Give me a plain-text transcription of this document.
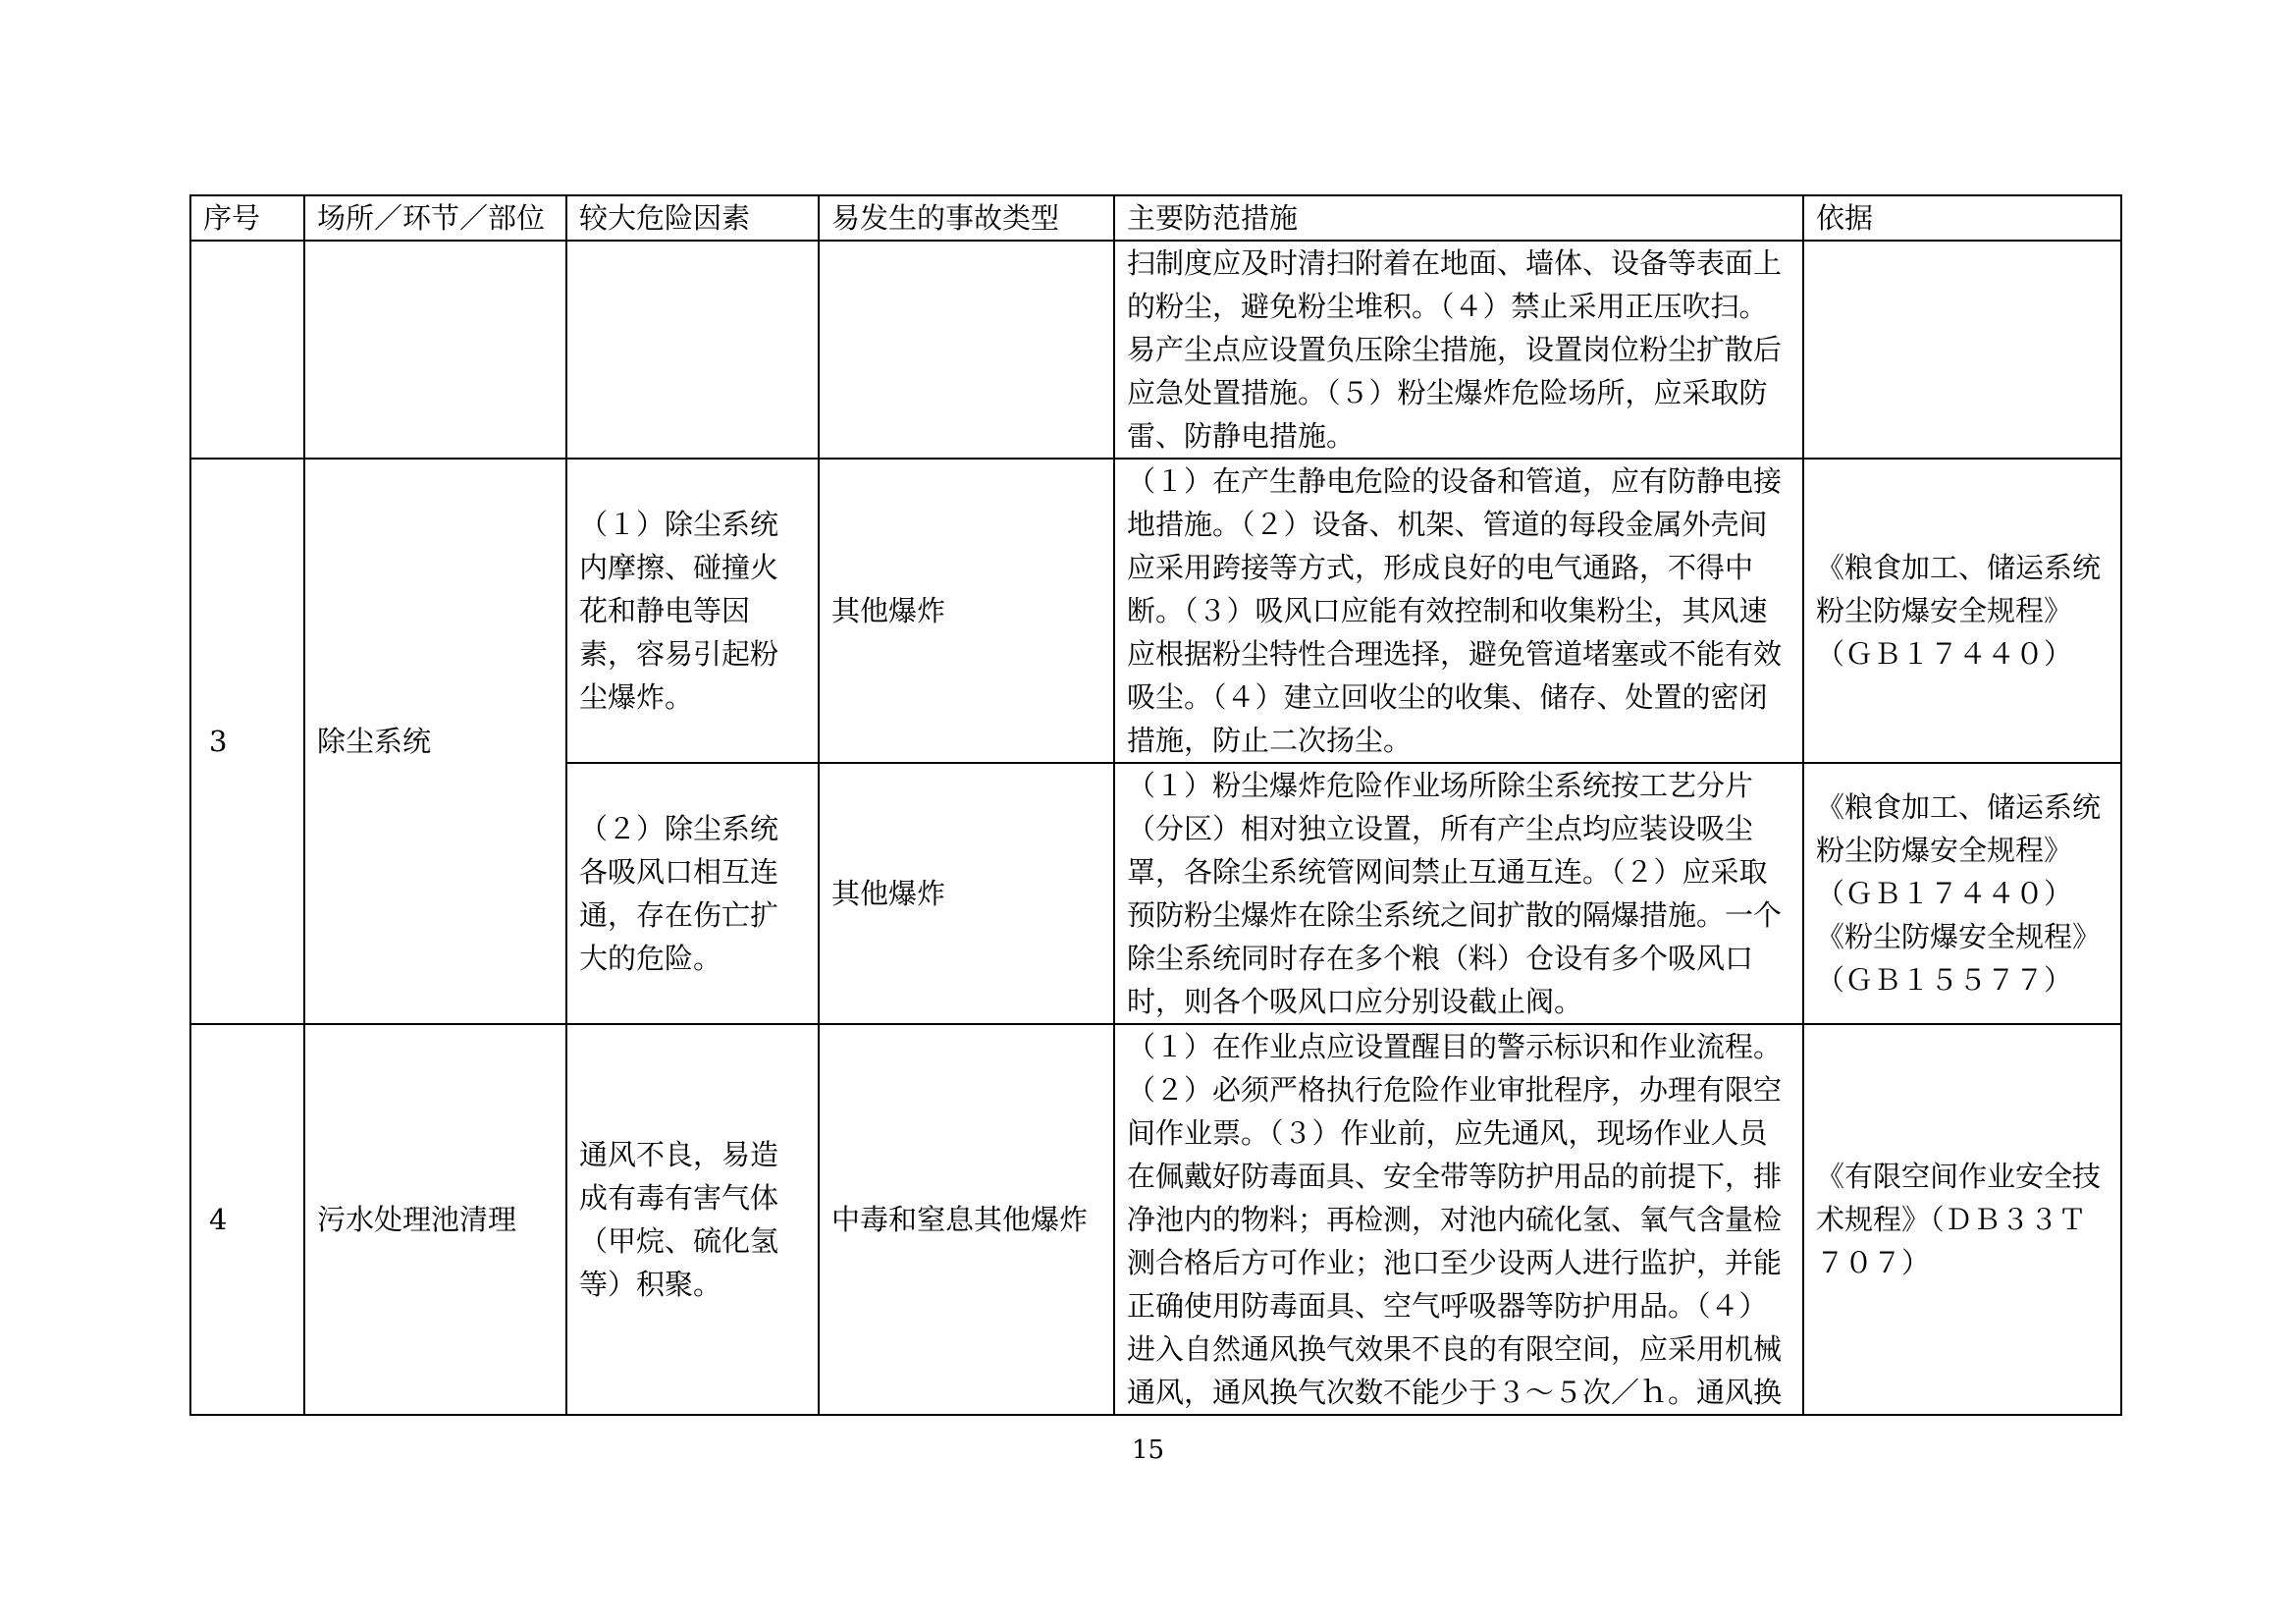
序号	场所／环节／部位	较大危险因素	易发生的事故类型	主要防范措施	依据
				扫制度应及时清扫附着在地面、墙体、设备等表面上的粉尘，避免粉尘堆积。（４）禁止采用正压吹扫。易产尘点应设置负压除尘措施，设置岗位粉尘扩散后应急处置措施。（５）粉尘爆炸危险场所，应采取防雷、防静电措施。	
3	除尘系统	（１）除尘系统内摩擦、碰撞火花和静电等因素，容易引起粉尘爆炸。	其他爆炸	（１）在产生静电危险的设备和管道，应有防静电接地措施。（２）设备、机架、管道的每段金属外壳间应采用跨接等方式，形成良好的电气通路，不得中断。（３）吸风口应能有效控制和收集粉尘，其风速应根据粉尘特性合理选择，避免管道堵塞或不能有效吸尘。（４）建立回收尘的收集、储存、处置的密闭措施，防止二次扬尘。	《粮食加工、储运系统粉尘防爆安全规程》（ＧＢ１７４４０）
		（２）除尘系统各吸风口相互连通，存在伤亡扩大的危险。	其他爆炸	（１）粉尘爆炸危险作业场所除尘系统按工艺分片（分区）相对独立设置，所有产尘点均应装设吸尘罩，各除尘系统管网间禁止互通互连。（２）应采取预防粉尘爆炸在除尘系统之间扩散的隔爆措施。一个除尘系统同时存在多个粮（料）仓设有多个吸风口时，则各个吸风口应分别设截止阀。	《粮食加工、储运系统粉尘防爆安全规程》（ＧＢ１７４４０）《粉尘防爆安全规程》（ＧＢ１５５７７）
4	污水处理池清理	通风不良，易造成有毒有害气体（甲烷、硫化氢等）积聚。	中毒和窒息其他爆炸	（１）在作业点应设置醒目的警示标识和作业流程。（２）必须严格执行危险作业审批程序，办理有限空间作业票。（３）作业前，应先通风，现场作业人员在佩戴好防毒面具、安全带等防护用品的前提下，排净池内的物料；再检测，对池内硫化氢、氧气含量检测合格后方可作业；池口至少设两人进行监护，并能正确使用防毒面具、空气呼吸器等防护用品。（４）进入自然通风换气效果不良的有限空间，应采用机械通风，通风换气次数不能少于３～５次／ｈ。通风换	《有限空间作业安全技术规程》（ＤＢ３３Ｔ７０７）
15
